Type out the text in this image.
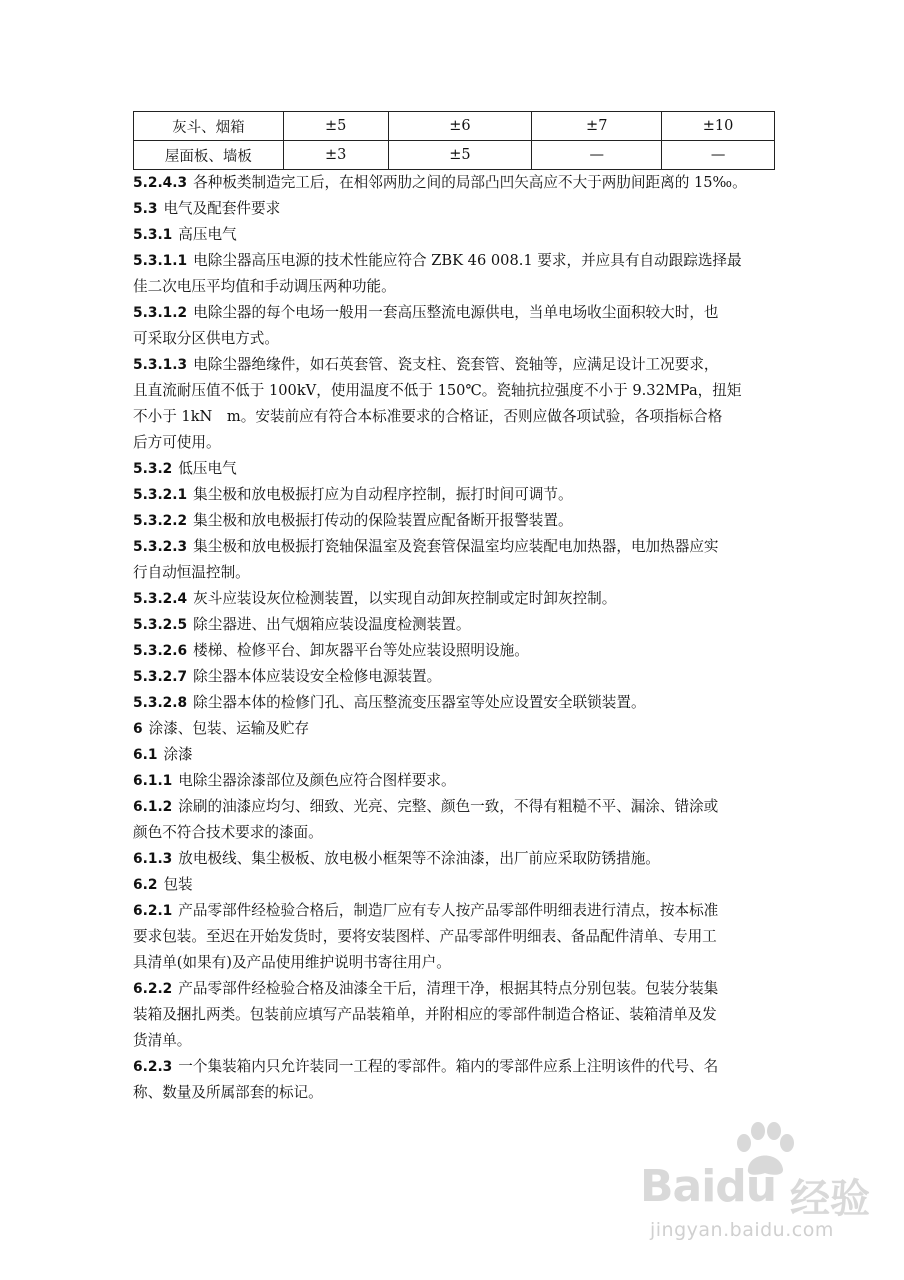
灰斗、烟箱	±5	±6	±7	±10
屋面板、墙板	±3	±5	—	—
5.2.4.3 各种板类制造完工后，在相邻两肋之间的局部凸凹矢高应不大于两肋间距离的 15‰。
5.3 电气及配套件要求
5.3.1 高压电气
5.3.1.1 电除尘器高压电源的技术性能应符合 ZBK 46 008.1 要求，并应具有自动跟踪选择最
佳二次电压平均值和手动调压两种功能。
5.3.1.2 电除尘器的每个电场一般用一套高压整流电源供电，当单电场收尘面积较大时，也
可采取分区供电方式。
5.3.1.3 电除尘器绝缘件，如石英套管、瓷支柱、瓷套管、瓷轴等，应满足设计工况要求，
且直流耐压值不低于 100kV，使用温度不低于 150℃。瓷轴抗拉强度不小于 9.32MPa，扭矩
不小于 1kN　m。安装前应有符合本标准要求的合格证，否则应做各项试验，各项指标合格
后方可使用。
5.3.2 低压电气
5.3.2.1 集尘极和放电极振打应为自动程序控制，振打时间可调节。
5.3.2.2 集尘极和放电极振打传动的保险装置应配备断开报警装置。
5.3.2.3 集尘极和放电极振打瓷轴保温室及瓷套管保温室均应装配电加热器，电加热器应实
行自动恒温控制。
5.3.2.4 灰斗应装设灰位检测装置，以实现自动卸灰控制或定时卸灰控制。
5.3.2.5 除尘器进、出气烟箱应装设温度检测装置。
5.3.2.6 楼梯、检修平台、卸灰器平台等处应装设照明设施。
5.3.2.7 除尘器本体应装设安全检修电源装置。
5.3.2.8 除尘器本体的检修门孔、高压整流变压器室等处应设置安全联锁装置。
6 涂漆、包装、运输及贮存
6.1 涂漆
6.1.1 电除尘器涂漆部位及颜色应符合图样要求。
6.1.2 涂刷的油漆应均匀、细致、光亮、完整、颜色一致，不得有粗糙不平、漏涂、错涂或
颜色不符合技术要求的漆面。
6.1.3 放电极线、集尘极板、放电极小框架等不涂油漆，出厂前应采取防锈措施。
6.2 包装
6.2.1 产品零部件经检验合格后，制造厂应有专人按产品零部件明细表进行清点，按本标准
要求包装。至迟在开始发货时，要将安装图样、产品零部件明细表、备品配件清单、专用工
具清单(如果有)及产品使用维护说明书寄往用户。
6.2.2 产品零部件经检验合格及油漆全干后，清理干净，根据其特点分别包装。包装分装集
装箱及捆扎两类。包装前应填写产品装箱单，并附相应的零部件制造合格证、装箱清单及发
货清单。
6.2.3 一个集装箱内只允许装同一工程的零部件。箱内的零部件应系上注明该件的代号、名
称、数量及所属部套的标记。
Baidu 经验
jingyan.baidu.com
